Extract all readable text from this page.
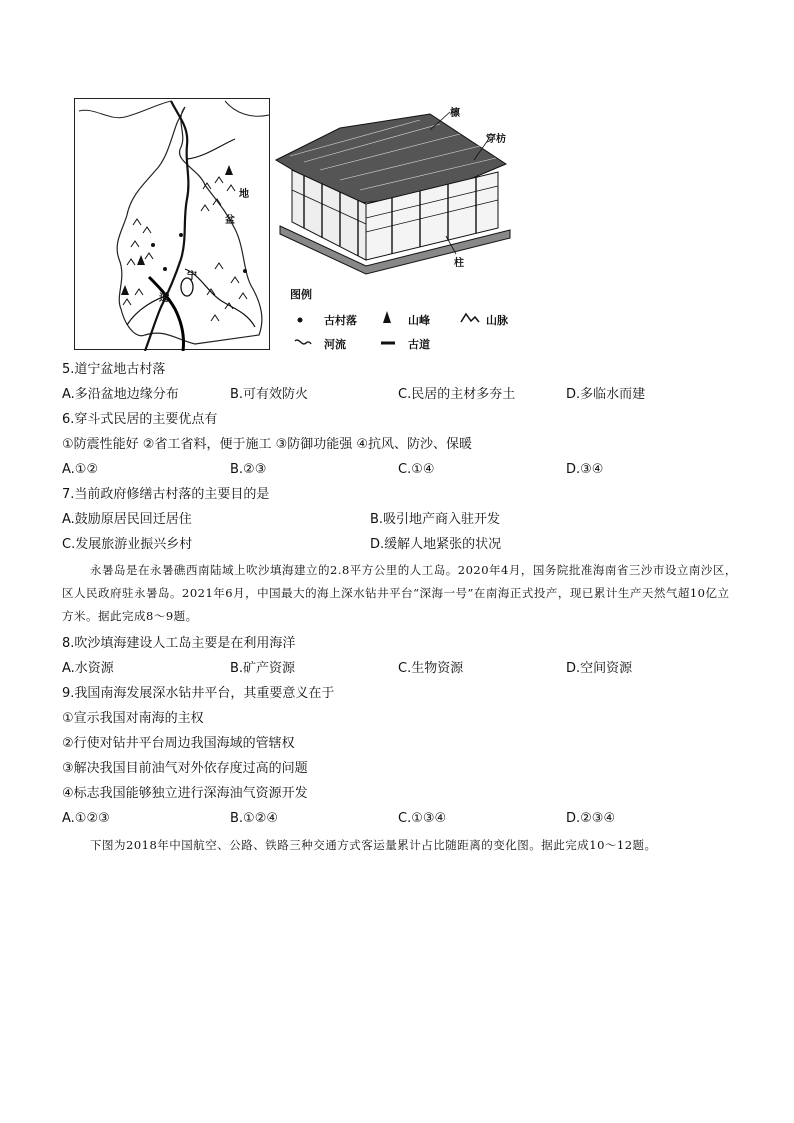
地
盆
宁
道
檩
穿枋
柱
图例
古村落	山峰	山脉
河流	古道
5.道宁盆地古村落
A.多沿盆地边缘分布	B.可有效防火	C.民居的主材多夯土	D.多临水而建
6.穿斗式民居的主要优点有
①防震性能好 ②省工省料，便于施工 ③防御功能强 ④抗风、防沙、保暖
A.①②	B.②③	C.①④	D.③④
7.当前政府修缮古村落的主要目的是
A.鼓励原居民回迁居住	B.吸引地产商入驻开发
C.发展旅游业振兴乡村	D.缓解人地紧张的状况
永暑岛是在永暑礁西南陆域上吹沙填海建立的2.8平方公里的人工岛。2020年4月，国务院批准海南省三沙市设立南沙区，区人民政府驻永暑岛。2021年6月，中国最大的海上深水钻井平台“深海一号”在南海正式投产，现已累计生产天然气超10亿立方米。据此完成8～9题。
8.吹沙填海建设人工岛主要是在利用海洋
A.水资源	B.矿产资源	C.生物资源	D.空间资源
9.我国南海发展深水钻井平台，其重要意义在于
①宣示我国对南海的主权
②行使对钻井平台周边我国海域的管辖权
③解决我国目前油气对外依存度过高的问题
④标志我国能够独立进行深海油气资源开发
A.①②③	B.①②④	C.①③④	D.②③④
下图为2018年中国航空、公路、铁路三种交通方式客运量累计占比随距离的变化图。据此完成10～12题。
